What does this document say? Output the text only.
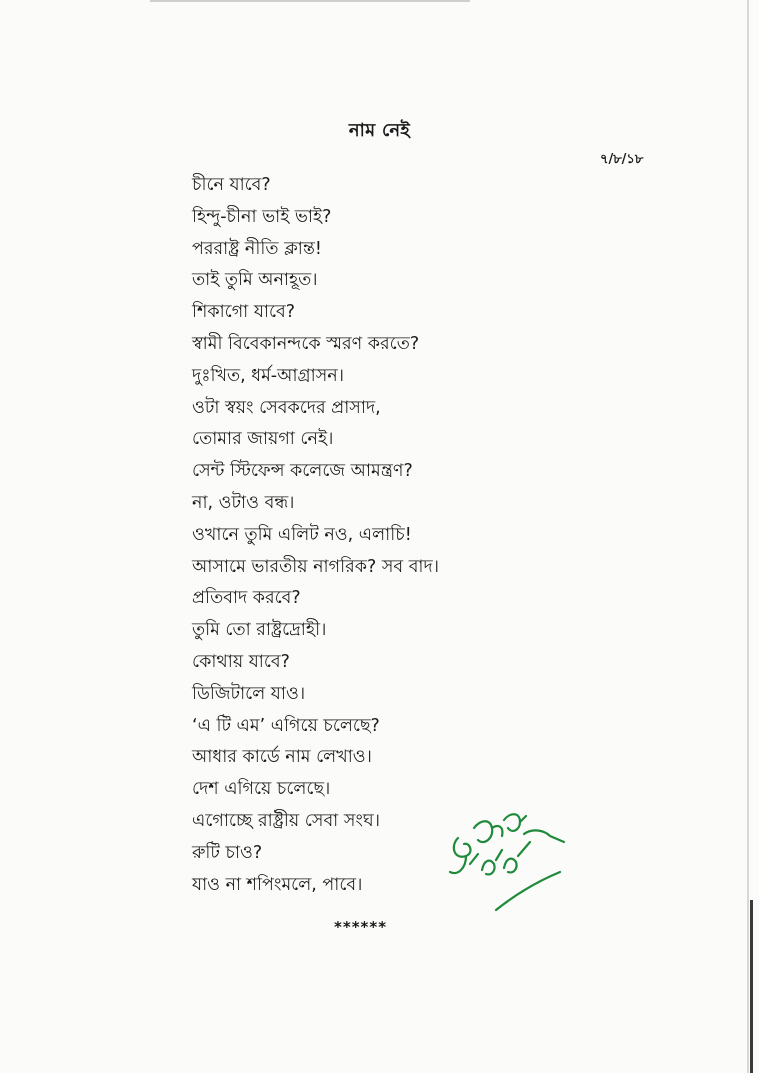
নাম নেই
৭/৮/১৮
চীনে যাবে?
হিন্দু-চীনা ভাই ভাই?
পররাষ্ট্র নীতি ক্লান্ত!
তাই তুমি অনাহূত।
শিকাগো যাবে?
স্বামী বিবেকানন্দকে স্মরণ করতে?
দুঃখিত, ধর্ম-আগ্রাসন।
ওটা স্বয়ং সেবকদের প্রাসাদ,
তোমার জায়গা নেই।
সেন্ট স্টিফেন্স কলেজে আমন্ত্রণ?
না, ওটাও বন্ধ।
ওখানে তুমি এলিট নও, এলাচি!
আসামে ভারতীয় নাগরিক? সব বাদ।
প্রতিবাদ করবে?
তুমি তো রাষ্ট্রদ্রোহী।
কোথায় যাবে?
ডিজিটালে যাও।
‘এ টি এম’ এগিয়ে চলেছে?
আধার কার্ডে নাম লেখাও।
দেশ এগিয়ে চলেছে।
এগোচ্ছে রাষ্ট্রীয় সেবা সংঘ।
রুটি চাও?
যাও না শপিংমলে, পাবে।
******
